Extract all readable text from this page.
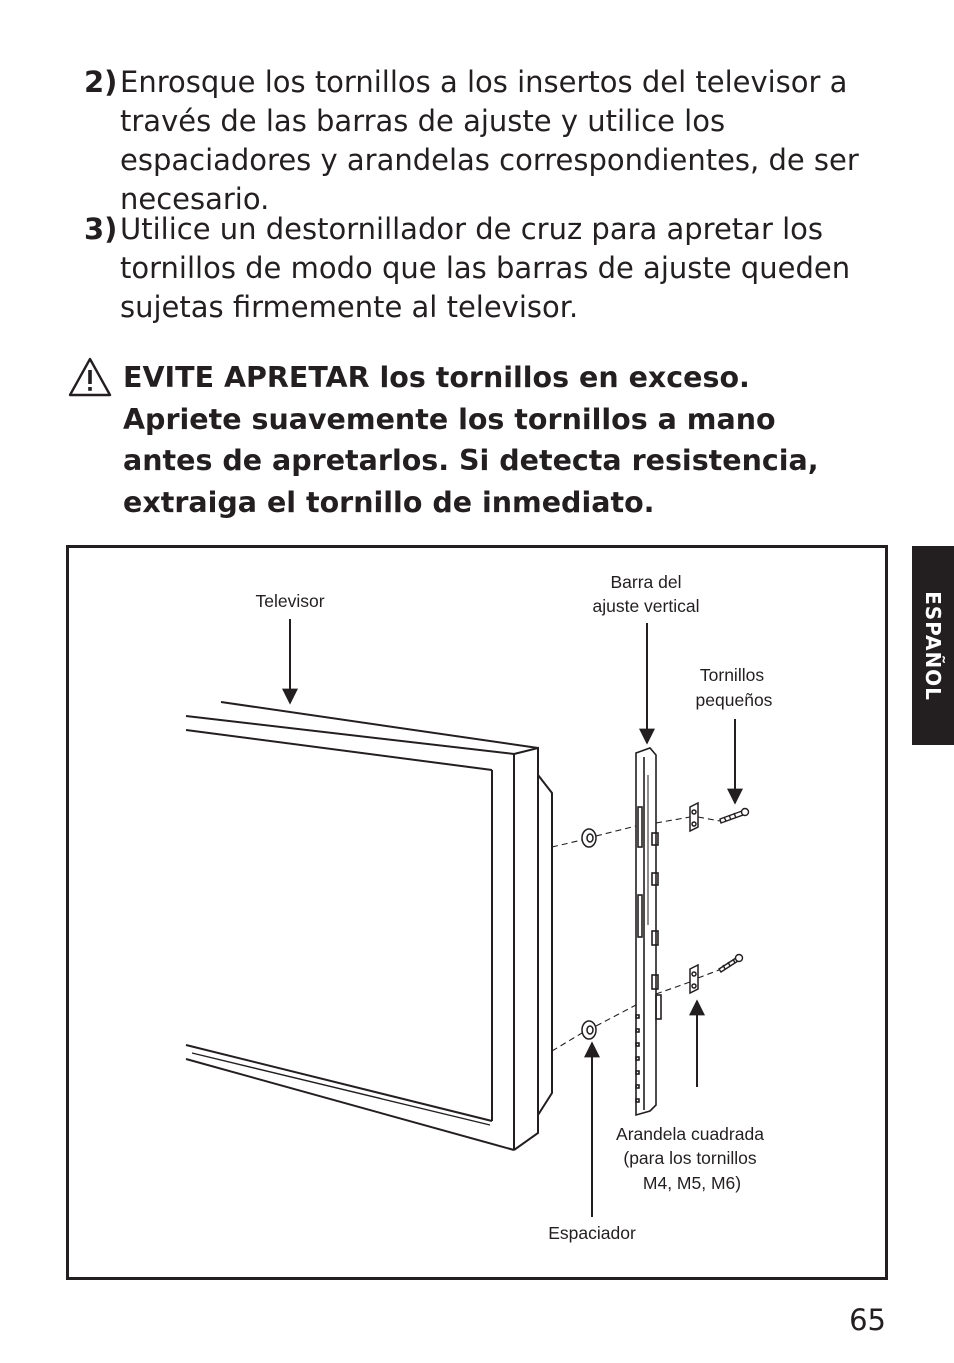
2) Enrosque los tornillos a los insertos del televisor a través de las barras de ajuste y utilice los espaciadores y arandelas correspondientes, de ser necesario.
3) Utilice un destornillador de cruz para apretar los tornillos de modo que las barras de ajuste queden sujetas firmemente al televisor.
EVITE APRETAR los tornillos en exceso. Apriete suavemente los tornillos a mano antes de apretarlos. Si detecta resistencia, extraiga el tornillo de inmediato.
Televisor
Barra del
ajuste vertical
Tornillos
pequeños
Arandela cuadrada
(para los tornillos
M4, M5, M6)
Espaciador
ESPAÑOL
65
